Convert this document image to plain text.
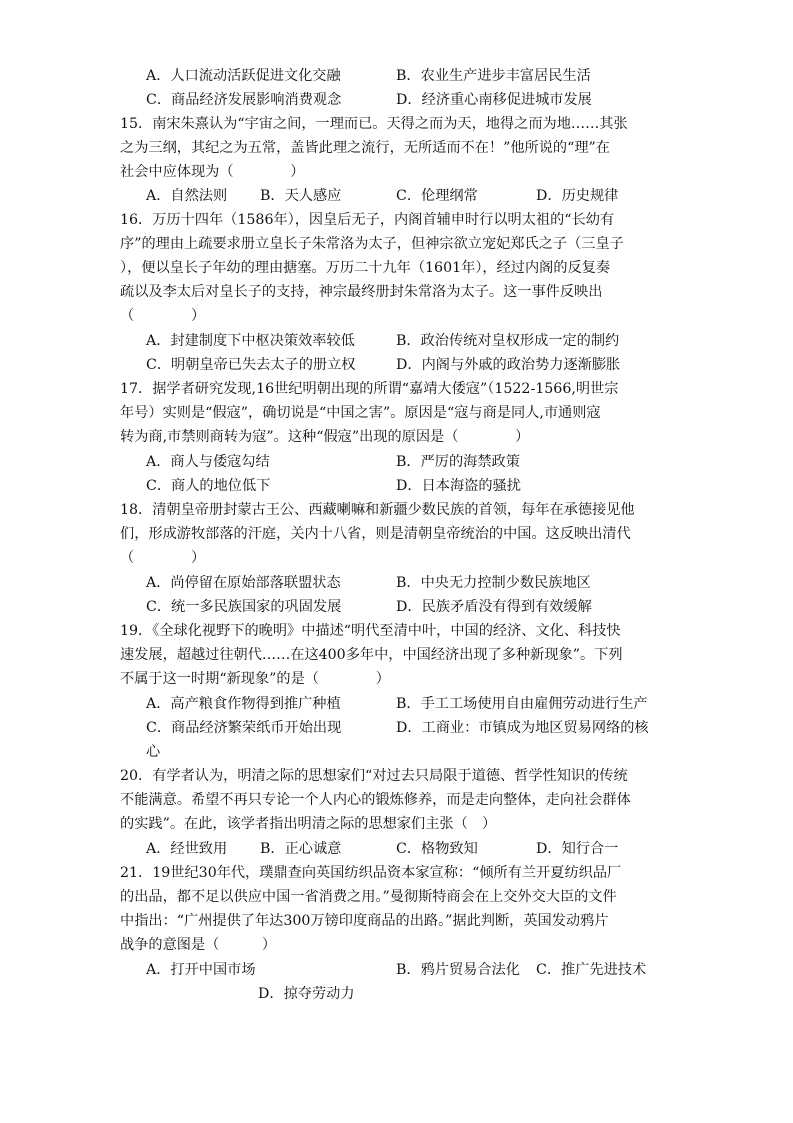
A．人口流动活跃促进文化交融	B．农业生产进步丰富居民生活
C．商品经济发展影响消费观念	D．经济重心南移促进城市发展
15．南宋朱熹认为“宇宙之间，一理而已。天得之而为天，地得之而为地……其张
之为三纲，其纪之为五常，盖皆此理之流行，无所适而不在！”他所说的“理”在
社会中应体现为（　　　　）
A．自然法则 B．天人感应	C．伦理纲常	D．历史规律
16．万历十四年（1586年），因皇后无子，内阁首辅申时行以明太祖的“长幼有
序”的理由上疏要求册立皇长子朱常洛为太子，但神宗欲立宠妃郑氏之子（三皇子
），便以皇长子年幼的理由搪塞。万历二十九年（1601年），经过内阁的反复奏
疏以及李太后对皇长子的支持，神宗最终册封朱常洛为太子。这一事件反映出
（　　　　）
A．封建制度下中枢决策效率较低	B．政治传统对皇权形成一定的制约
C．明朝皇帝已失去太子的册立权	D．内阁与外戚的政治势力逐渐膨胀
17．据学者研究发现,16世纪明朝出现的所谓“嘉靖大倭寇”（1522-1566,明世宗
年号）实则是“假寇”，确切说是“中国之害”。原因是“寇与商是同人,市通则寇
转为商,市禁则商转为寇”。这种“假寇”出现的原因是（　　　　）
A．商人与倭寇勾结	B．严厉的海禁政策
C．商人的地位低下	D．日本海盗的骚扰
18．清朝皇帝册封蒙古王公、西藏喇嘛和新疆少数民族的首领，每年在承德接见他
们，形成游牧部落的汗庭，关内十八省，则是清朝皇帝统治的中国。这反映出清代
（　　　　）
A．尚停留在原始部落联盟状态	B．中央无力控制少数民族地区
C．统一多民族国家的巩固发展	D．民族矛盾没有得到有效缓解
19．《全球化视野下的晚明》中描述“明代至清中叶，中国的经济、文化、科技快
速发展，超越过往朝代……在这400多年中，中国经济出现了多种新现象”。下列
不属于这一时期“新现象”的是（　　　　）
A．高产粮食作物得到推广种植	B．手工工场使用自由雇佣劳动进行生产
C．商品经济繁荣纸币开始出现	D．工商业：市镇成为地区贸易网络的核
心
20．有学者认为，明清之际的思想家们“对过去只局限于道德、哲学性知识的传统
不能满意。希望不再只专论一个人内心的锻炼修养，而是走向整体，走向社会群体
的实践”。在此，该学者指出明清之际的思想家们主张（　）
A．经世致用 B．正心诚意	C．格物致知	D．知行合一
21．19世纪30年代，璞鼎查向英国纺织品资本家宣称：“倾所有兰开夏纺织品厂
的出品，都不足以供应中国一省消费之用。”曼彻斯特商会在上交外交大臣的文件
中指出：“广州提供了年达300万镑印度商品的出路。”据此判断，英国发动鸦片
战争的意图是（　　　）
A．打开中国市场	B．鸦片贸易合法化 C．推广先进技术
D．掠夺劳动力
